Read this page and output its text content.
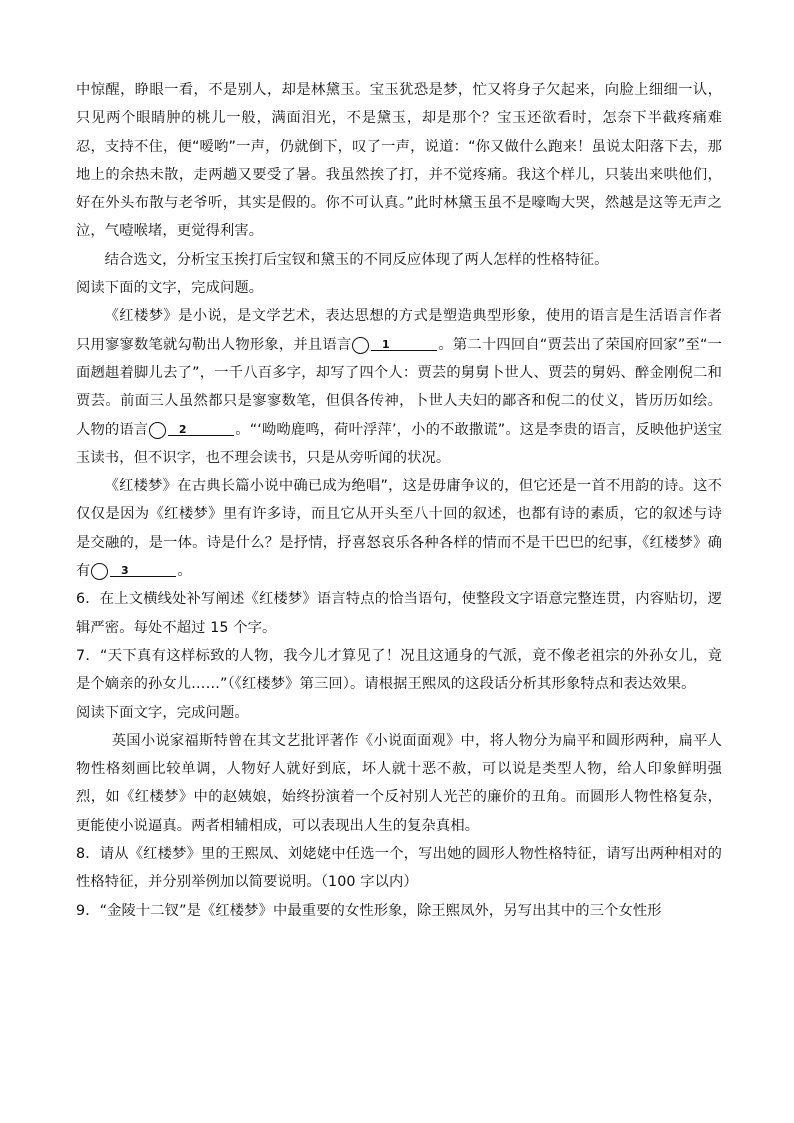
中惊醒，睁眼一看，不是别人，却是林黛玉。宝玉犹恐是梦，忙又将身子欠起来，向脸上细细一认，只见两个眼睛肿的桃儿一般，满面泪光，不是黛玉，却是那个？宝玉还欲看时，怎奈下半截疼痛难忍，支持不住，便“嗳哟”一声，仍就倒下，叹了一声，说道：“你又做什么跑来！虽说太阳落下去，那地上的余热未散，走两趟又要受了暑。我虽然挨了打，并不觉疼痛。我这个样儿，只装出来哄他们，好在外头布散与老爷听，其实是假的。你不可认真。”此时林黛玉虽不是嚎啕大哭，然越是这等无声之泣，气噎喉堵，更觉得利害。

结合选文，分析宝玉挨打后宝钗和黛玉的不同反应体现了两人怎样的性格特征。

阅读下面的文字，完成问题。

《红楼梦》是小说，是文学艺术，表达思想的方式是塑造典型形象，使用的语言是生活语言作者只用寥寥数笔就勾勒出人物形象，并且语言	1	。第二十四回自“贾芸出了荣国府回家”至“一面趔趄着脚儿去了”，一千八百多字，却写了四个人：贾芸的舅舅卜世人、贾芸的舅妈、醉金刚倪二和贾芸。前面三人虽然都只是寥寥数笔，但俱各传神，卜世人夫妇的鄙吝和倪二的仗义，皆历历如绘。人物的语言	2	。“‘呦呦鹿鸣，荷叶浮萍’，小的不敢撒谎”。这是李贵的语言，反映他护送宝玉读书，但不识字，也不理会读书，只是从旁听闻的状况。

《红楼梦》在古典长篇小说中确已成为绝唱”，这是毋庸争议的，但它还是一首不用韵的诗。这不仅仅是因为《红楼梦》里有许多诗，而且它从开头至八十回的叙述，也都有诗的素质，它的叙述与诗是交融的，是一体。诗是什么？是抒情，抒喜怒哀乐各种各样的情而不是干巴巴的纪事，《红楼梦》确有	3	。

6．在上文横线处补写阐述《红楼梦》语言特点的恰当语句，使整段文字语意完整连贯，内容贴切，逻辑严密。每处不超过 15 个字。

7．“天下真有这样标致的人物，我今儿才算见了！况且这通身的气派，竟不像老祖宗的外孙女儿，竟是个嫡亲的孙女儿……”（《红楼梦》第三回）。请根据王熙凤的这段话分析其形象特点和表达效果。

阅读下面文字，完成问题。

英国小说家福斯特曾在其文艺批评著作《小说面面观》中，将人物分为扁平和圆形两种，扁平人物性格刻画比较单调，人物好人就好到底，坏人就十恶不赦，可以说是类型人物，给人印象鲜明强烈，如《红楼梦》中的赵姨娘，始终扮演着一个反衬别人光芒的廉价的丑角。而圆形人物性格复杂，更能使小说逼真。两者相辅相成，可以表现出人生的复杂真相。

8．请从《红楼梦》里的王熙凤、刘姥姥中任选一个，写出她的圆形人物性格特征，请写出两种相对的性格特征，并分别举例加以简要说明。（100 字以内）

9．“金陵十二钗”是《红楼梦》中最重要的女性形象，除王熙凤外，另写出其中的三个女性形
